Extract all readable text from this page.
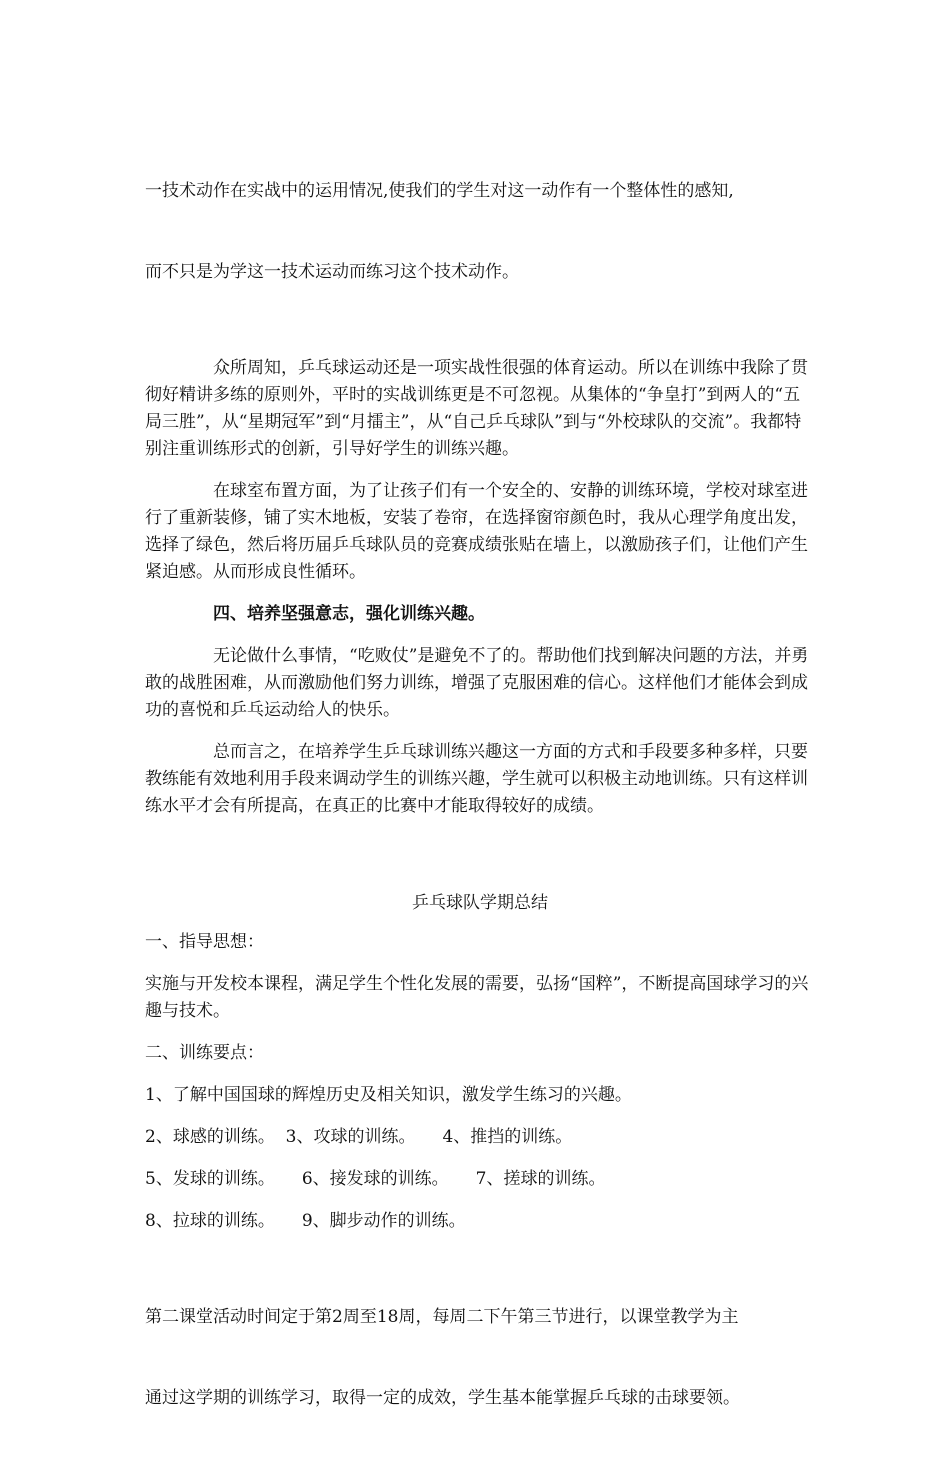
一技术动作在实战中的运用情况,使我们的学生对这一动作有一个整体性的感知,

而不只是为学这一技术运动而练习这个技术动作。

众所周知，乒乓球运动还是一项实战性很强的体育运动。所以在训练中我除了贯彻好精讲多练的原则外，平时的实战训练更是不可忽视。从集体的“争皇打”到两人的“五局三胜”，从“星期冠军”到“月擂主”，从“自己乒乓球队”到与“外校球队的交流”。我都特别注重训练形式的创新，引导好学生的训练兴趣。

在球室布置方面，为了让孩子们有一个安全的、安静的训练环境，学校对球室进行了重新装修，铺了实木地板，安装了卷帘，在选择窗帘颜色时，我从心理学角度出发，选择了绿色，然后将历届乒乓球队员的竞赛成绩张贴在墙上，以激励孩子们，让他们产生紧迫感。从而形成良性循环。

四、培养坚强意志，强化训练兴趣。

无论做什么事情，“吃败仗”是避免不了的。帮助他们找到解决问题的方法，并勇敢的战胜困难，从而激励他们努力训练，增强了克服困难的信心。这样他们才能体会到成功的喜悦和乒乓运动给人的快乐。

总而言之，在培养学生乒乓球训练兴趣这一方面的方式和手段要多种多样，只要教练能有效地利用手段来调动学生的训练兴趣，学生就可以积极主动地训练。只有这样训练水平才会有所提高，在真正的比赛中才能取得较好的成绩。

乒乓球队学期总结

一、指导思想：

实施与开发校本课程，满足学生个性化发展的需要，弘扬“国粹”，不断提高国球学习的兴趣与技术。

二、训练要点：

1、了解中国国球的辉煌历史及相关知识，激发学生练习的兴趣。

2、球感的训练。  3、攻球的训练。     4、推挡的训练。

5、发球的训练。     6、接发球的训练。     7、搓球的训练。

8、拉球的训练。     9、脚步动作的训练。

第二课堂活动时间定于第2周至18周，每周二下午第三节进行，以课堂教学为主

通过这学期的训练学习，取得一定的成效，学生基本能掌握乒乓球的击球要领。
